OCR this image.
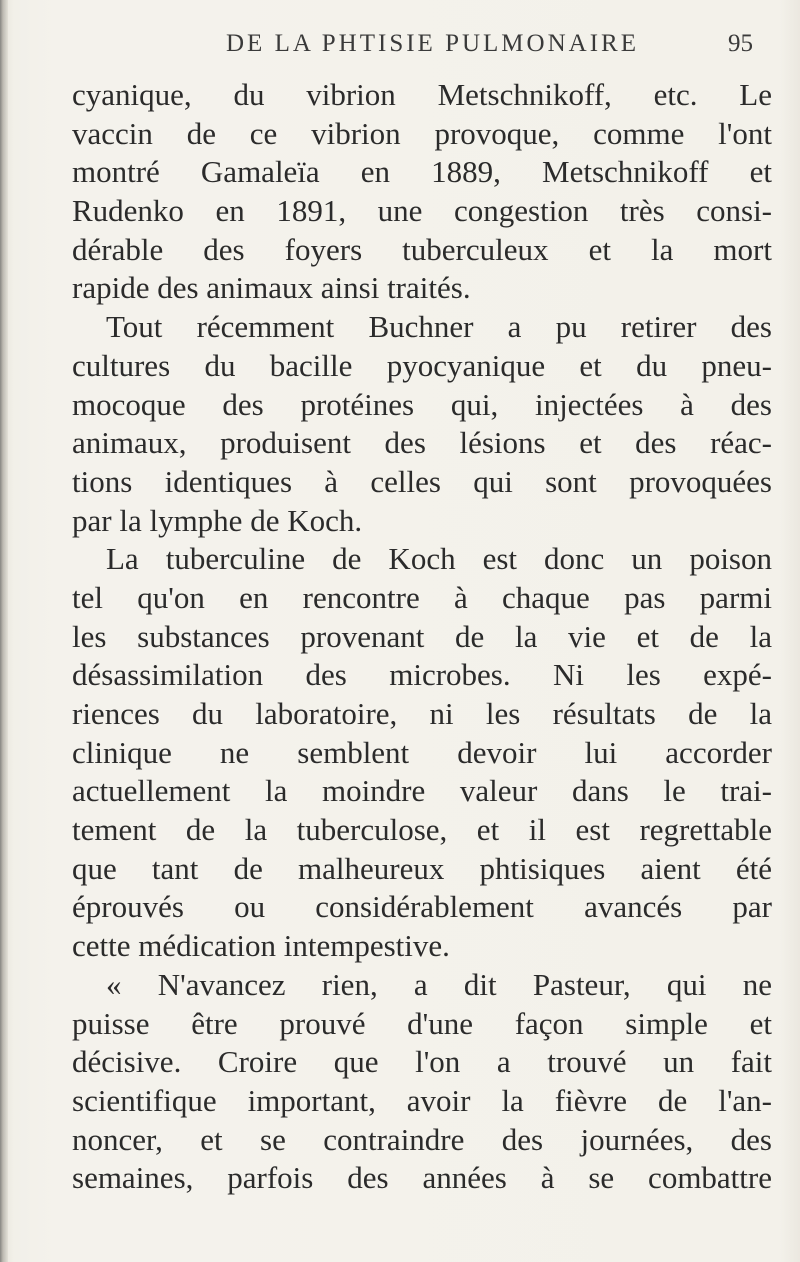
DE LA PHTISIE PULMONAIRE	95
cyanique, du vibrion Metschnikoff, etc. Le
vaccin de ce vibrion provoque, comme l'ont
montré Gamaleïa en 1889, Metschnikoff et
Rudenko en 1891, une congestion très consi-
dérable des foyers tuberculeux et la mort
rapide des animaux ainsi traités.
Tout récemment Buchner a pu retirer des
cultures du bacille pyocyanique et du pneu-
mocoque des protéines qui, injectées à des
animaux, produisent des lésions et des réac-
tions identiques à celles qui sont provoquées
par la lymphe de Koch.
La tuberculine de Koch est donc un poison
tel qu'on en rencontre à chaque pas parmi
les substances provenant de la vie et de la
désassimilation des microbes. Ni les expé-
riences du laboratoire, ni les résultats de la
clinique ne semblent devoir lui accorder
actuellement la moindre valeur dans le trai-
tement de la tuberculose, et il est regrettable
que tant de malheureux phtisiques aient été
éprouvés ou considérablement avancés par
cette médication intempestive.
« N'avancez rien, a dit Pasteur, qui ne
puisse être prouvé d'une façon simple et
décisive. Croire que l'on a trouvé un fait
scientifique important, avoir la fièvre de l'an-
noncer, et se contraindre des journées, des
semaines, parfois des années à se combattre
